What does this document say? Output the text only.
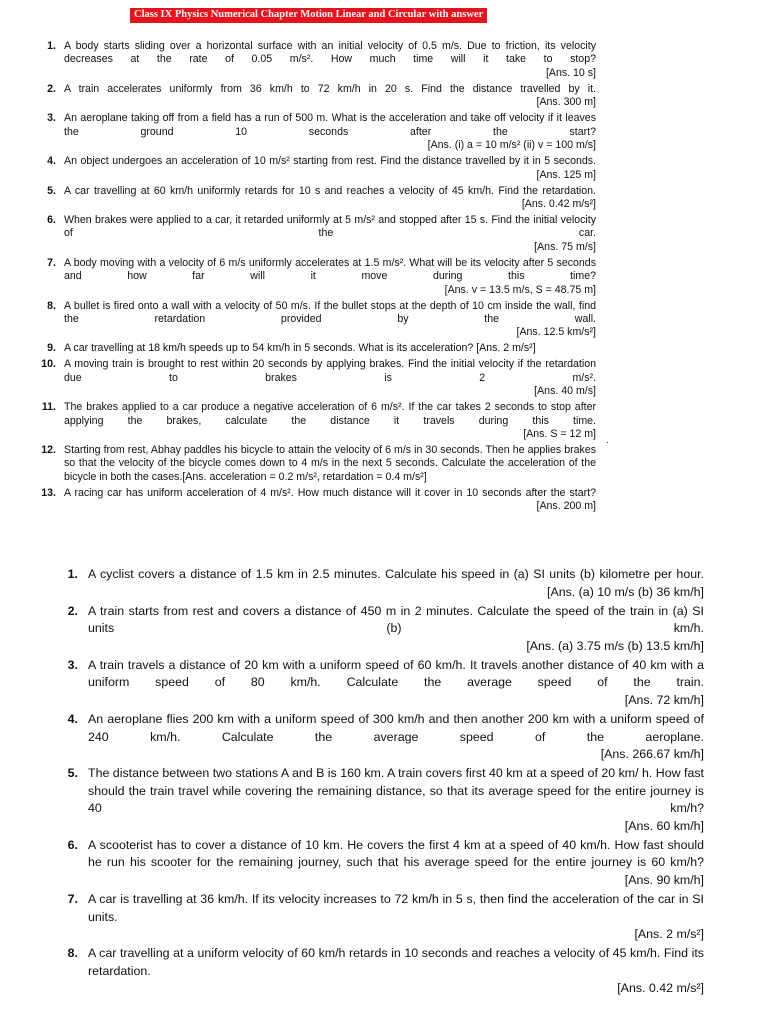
Class IX Physics Numerical Chapter Motion Linear and Circular with answer
1. A body starts sliding over a horizontal surface with an initial velocity of 0.5 m/s. Due to friction, its velocity decreases at the rate of 0.05 m/s². How much time will it take to stop?
[Ans. 10 s]
2. A train accelerates uniformly from 36 km/h to 72 km/h in 20 s. Find the distance travelled by it.
[Ans. 300 m]
3. An aeroplane taking off from a field has a run of 500 m. What is the acceleration and take off velocity if it leaves the ground 10 seconds after the start?
[Ans. (i) a = 10 m/s² (ii) v = 100 m/s]
4. An object undergoes an acceleration of 10 m/s² starting from rest. Find the distance travelled by it in 5 seconds.
[Ans. 125 m]
5. A car travelling at 60 km/h uniformly retards for 10 s and reaches a velocity of 45 km/h. Find the retardation.
[Ans. 0.42 m/s²]
6. When brakes were applied to a car, it retarded uniformly at 5 m/s² and stopped after 15 s. Find the initial velocity of the car.
[Ans. 75 m/s]
7. A body moving with a velocity of 6 m/s uniformly accelerates at 1.5 m/s². What will be its velocity after 5 seconds and how far will it move during this time?
[Ans. v = 13.5 m/s, S = 48.75 m]
8. A bullet is fired onto a wall with a velocity of 50 m/s. If the bullet stops at the depth of 10 cm inside the wall, find the retardation provided by the wall.
[Ans. 12.5 km/s²]
9. A car travelling at 18 km/h speeds up to 54 km/h in 5 seconds. What is its acceleration? [Ans. 2 m/s²]
10. A moving train is brought to rest within 20 seconds by applying brakes. Find the initial velocity if the retardation due to brakes is 2 m/s².
[Ans. 40 m/s]
11. The brakes applied to a car produce a negative acceleration of 6 m/s². If the car takes 2 seconds to stop after applying the brakes, calculate the distance it travels during this time.
[Ans. S = 12 m]
12. Starting from rest, Abhay paddles his bicycle to attain the velocity of 6 m/s in 30 seconds. Then he applies brakes so that the velocity of the bicycle comes down to 4 m/s in the next 5 seconds. Calculate the acceleration of the bicycle in both the cases.[Ans. acceleration = 0.2 m/s², retardation = 0.4 m/s²]
13. A racing car has uniform acceleration of 4 m/s². How much distance will it cover in 10 seconds after the start?
[Ans. 200 m]
1. A cyclist covers a distance of 1.5 km in 2.5 minutes. Calculate his speed in (a) SI units (b) kilometre per hour.
[Ans. (a) 10 m/s (b) 36 km/h]
2. A train starts from rest and covers a distance of 450 m in 2 minutes. Calculate the speed of the train in (a) SI units (b) km/h.
[Ans. (a) 3.75 m/s (b) 13.5 km/h]
3. A train travels a distance of 20 km with a uniform speed of 60 km/h. It travels another distance of 40 km with a uniform speed of 80 km/h. Calculate the average speed of the train.
[Ans. 72 km/h]
4. An aeroplane flies 200 km with a uniform speed of 300 km/h and then another 200 km with a uniform speed of 240 km/h. Calculate the average speed of the aeroplane.
[Ans. 266.67 km/h]
5. The distance between two stations A and B is 160 km. A train covers first 40 km at a speed of 20 km/ h. How fast should the train travel while covering the remaining distance, so that its average speed for the entire journey is 40 km/h?
[Ans. 60 km/h]
6. A scooterist has to cover a distance of 10 km. He covers the first 4 km at a speed of 40 km/h. How fast should he run his scooter for the remaining journey, such that his average speed for the entire journey is 60 km/h?
[Ans. 90 km/h]
7. A car is travelling at 36 km/h. If its velocity increases to 72 km/h in 5 s, then find the acceleration of the car in SI units.
[Ans. 2 m/s²]
8. A car travelling at a uniform velocity of 60 km/h retards in 10 seconds and reaches a velocity of 45 km/h. Find its retardation.
[Ans. 0.42 m/s²]
.
